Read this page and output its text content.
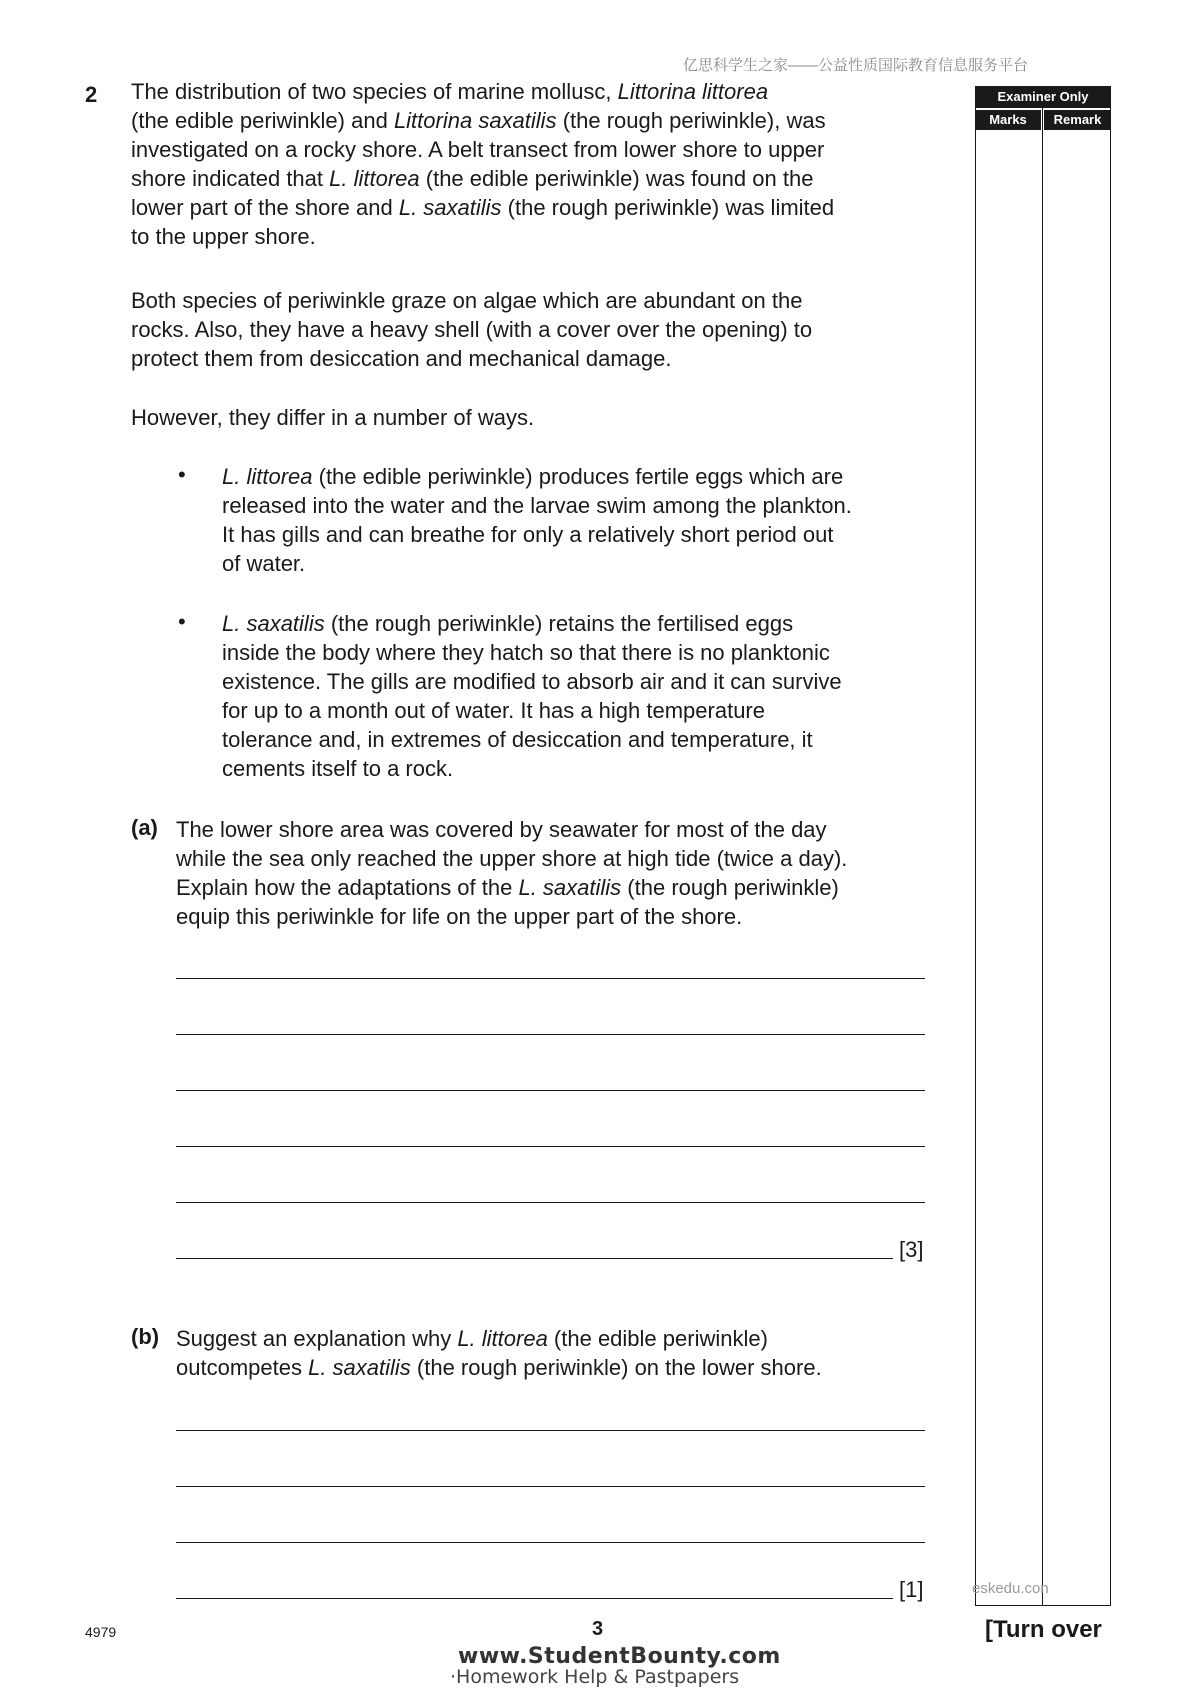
亿思科学生之家——公益性质国际教育信息服务平台
2 The distribution of two species of marine mollusc, Littorina littorea

(the edible periwinkle) and Littorina saxatilis (the rough periwinkle), was

investigated on a rocky shore. A belt transect from lower shore to upper

shore indicated that L. littorea (the edible periwinkle) was found on the

lower part of the shore and L. saxatilis (the rough periwinkle) was limited

to the upper shore.

Both species of periwinkle graze on algae which are abundant on the

rocks. Also, they have a heavy shell (with a cover over the opening) to

protect them from desiccation and mechanical damage.

However, they differ in a number of ways.
• L. littorea (the edible periwinkle) produces fertile eggs which are
released into the water and the larvae swim among the plankton.
It has gills and can breathe for only a relatively short period out
of water.
• L. saxatilis (the rough periwinkle) retains the fertilised eggs
inside the body where they hatch so that there is no planktonic
existence. The gills are modified to absorb air and it can survive
for up to a month out of water. It has a high temperature
tolerance and, in extremes of desiccation and temperature, it
cements itself to a rock.
(a) The lower shore area was covered by seawater for most of the day
while the sea only reached the upper shore at high tide (twice a day).
Explain how the adaptations of the L. saxatilis (the rough periwinkle)
equip this periwinkle for life on the upper part of the shore.
[3]
(b) Suggest an explanation why L. littorea (the edible periwinkle)
outcompetes L. saxatilis (the rough periwinkle) on the lower shore.
[1]
Examiner Only
Marks	Remark
eskedu.con
4979	3	[Turn over
www.StudentBounty.com
·Homework Help & Pastpapers
